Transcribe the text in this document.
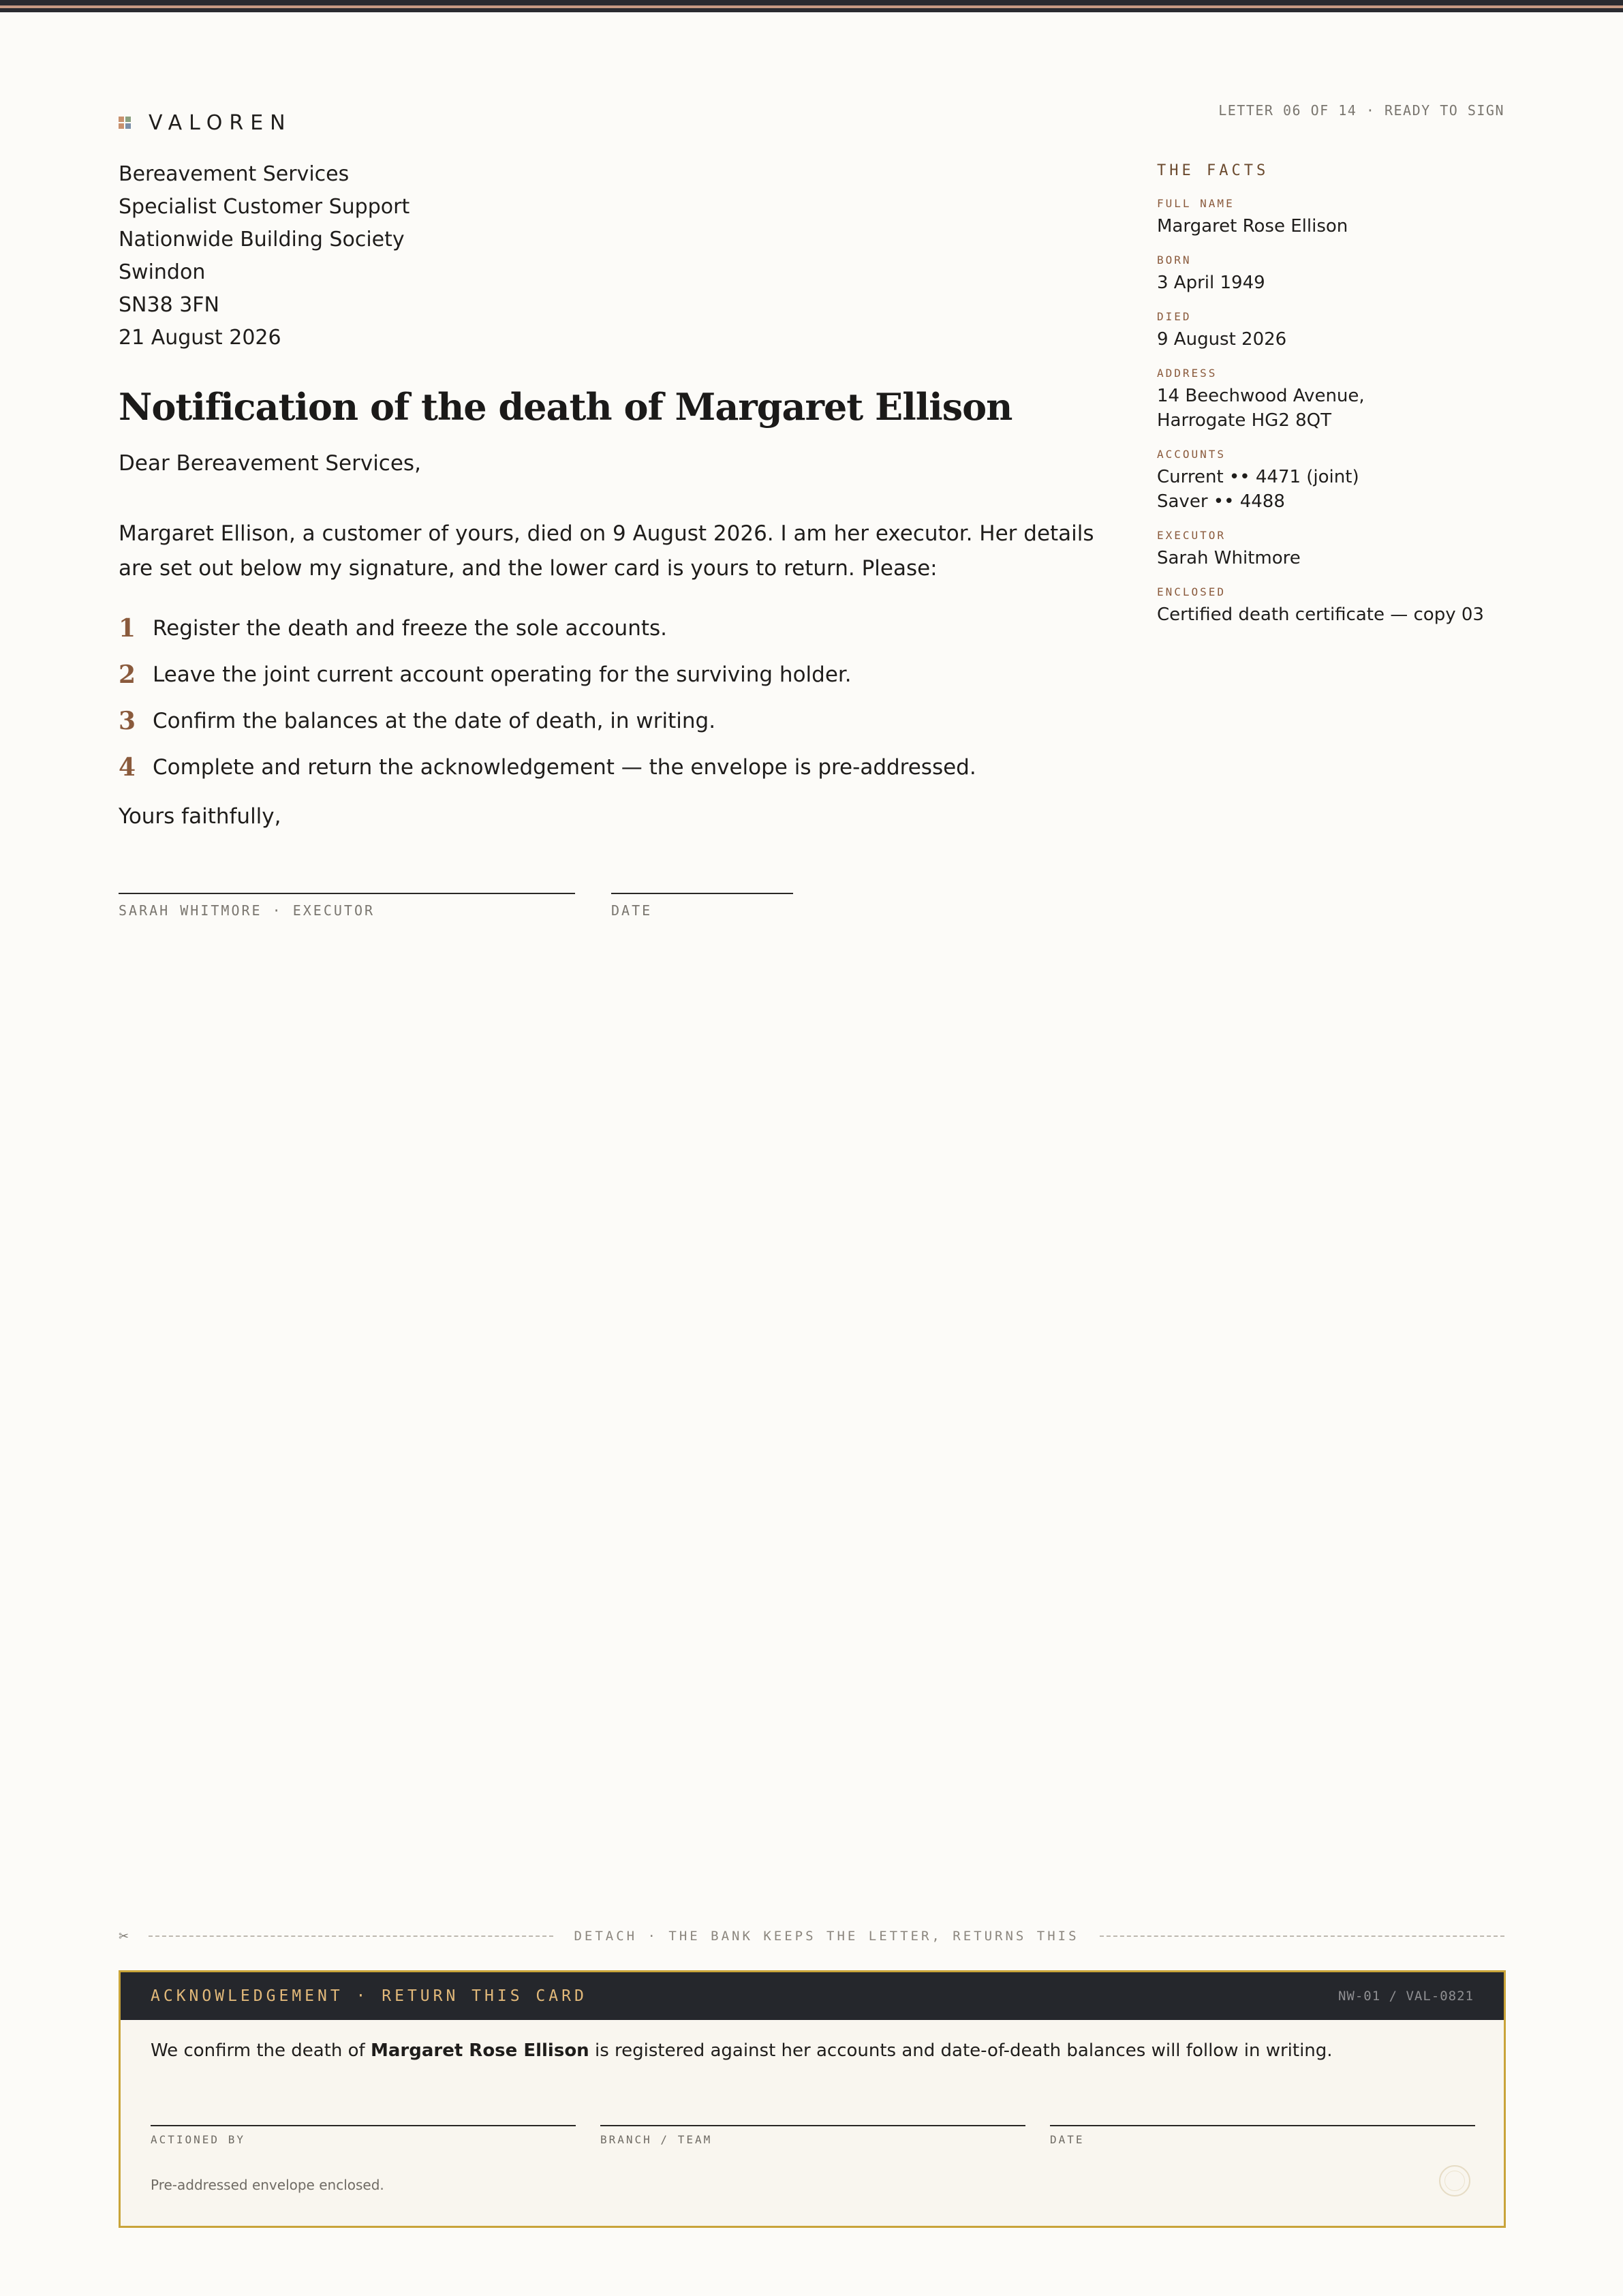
VALOREN
LETTER 06 OF 14 · READY TO SIGN
Bereavement Services
Specialist Customer Support
Nationwide Building Society
Swindon
SN38 3FN
21 August 2026
Notification of the death of Margaret Ellison
Dear Bereavement Services,
Margaret Ellison, a customer of yours, died on 9 August 2026. I am her executor. Her details are set out below my signature, and the lower card is yours to return. Please:
1 Register the death and freeze the sole accounts.
2 Leave the joint current account operating for the surviving holder.
3 Confirm the balances at the date of death, in writing.
4 Complete and return the acknowledgement — the envelope is pre-addressed.
Yours faithfully,
SARAH WHITMORE · EXECUTOR	DATE
THE FACTS
FULL NAME
Margaret Rose Ellison
BORN
3 April 1949
DIED
9 August 2026
ADDRESS
14 Beechwood Avenue,
Harrogate HG2 8QT
ACCOUNTS
Current •• 4471 (joint)
Saver •• 4488
EXECUTOR
Sarah Whitmore
ENCLOSED
Certified death certificate — copy 03
✂	DETACH · THE BANK KEEPS THE LETTER, RETURNS THIS
ACKNOWLEDGEMENT · RETURN THIS CARD	NW-01 / VAL-0821
We confirm the death of Margaret Rose Ellison is registered against her accounts and date-of-death balances will follow in writing.
ACTIONED BY	BRANCH / TEAM	DATE
Pre-addressed envelope enclosed.
